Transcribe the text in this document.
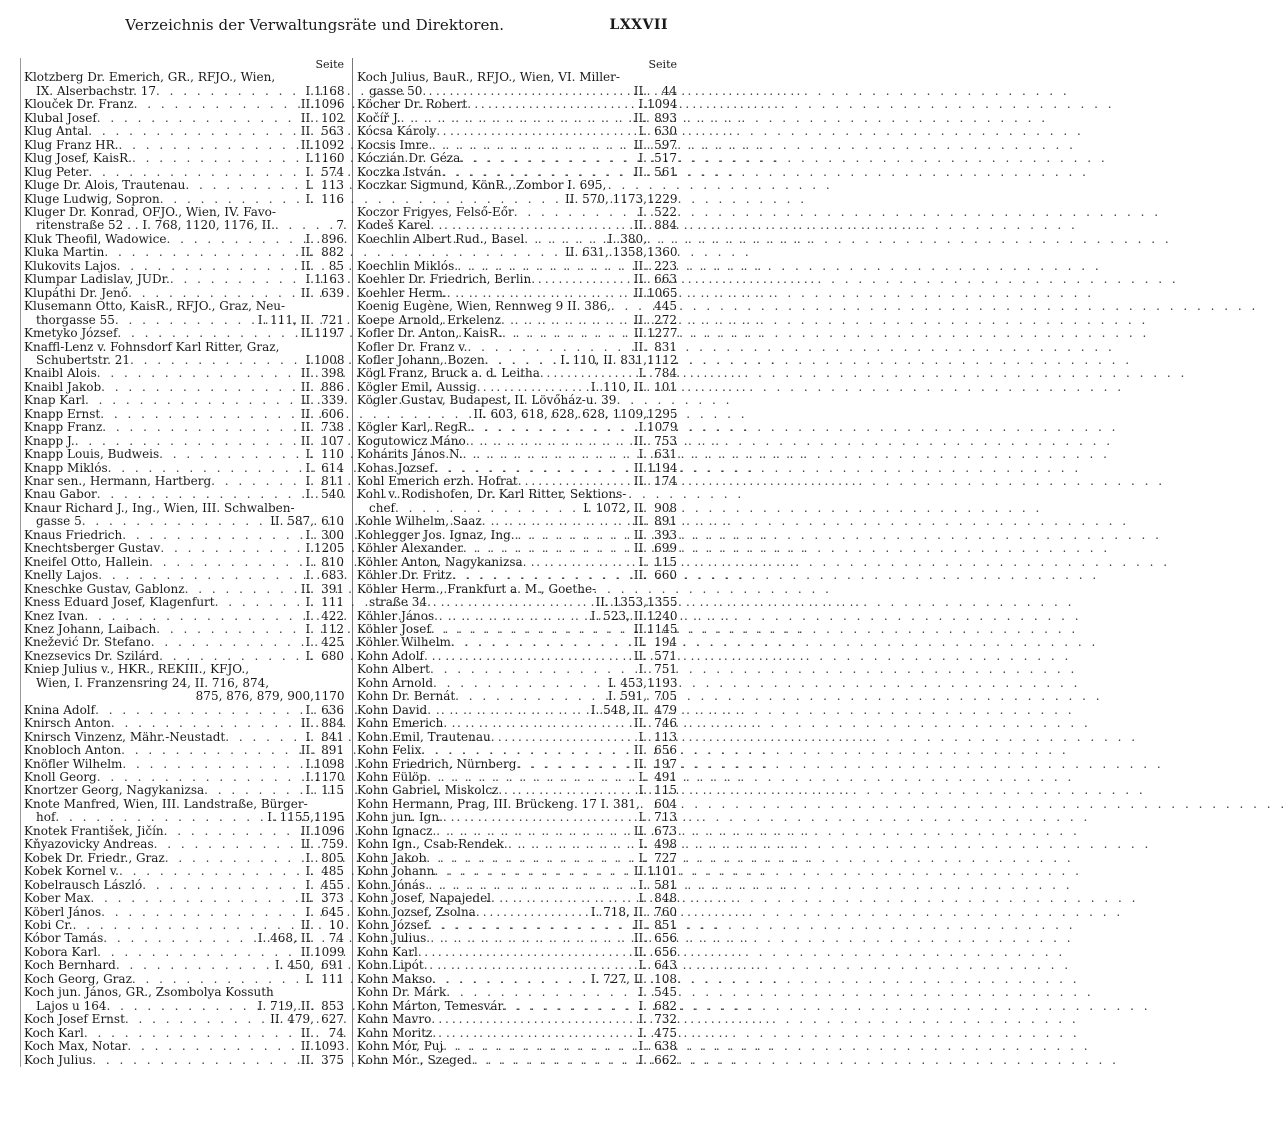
Verzeichnis der Verwaltungsräte und Direktoren.	LXXVII
Seite
Klotzberg Dr. Emerich, GR., RFJO., Wien,
IX. Alserbachstr. 17 . . .	I. 1168
Klouček Dr. Franz . . .	II. 1096
Klubal Josef . . .	II. 102
Klug Antal . . .	II. 563
Klug Franz HR. . . .	II. 1092
Klug Josef, KaisR. . . .	I. 1160
Klug Peter . . .	I. 574
Kluge Dr. Alois, Trautenau . . .	I. 113
Kluge Ludwig, Sopron . . .	I. 116
Kluger Dr. Konrad, OFJO., Wien, IV. Favo-
ritenstraße 52 . . I. 768, 1120, 1176, II. . . .	7
Kluk Theofil, Wadowice . . .	I. 896
Kluka Martin . . .	II. 882
Klukovits Lajos . . .	II.	85
Klumpar Ladislav, JUDr. . . .	I. 1163
Klupáthi Dr. Jenő . . .	II. 639
Klusemann Otto, KaisR., RFJO., Graz, Neu-
thorgasse 55 . . .	I. 111, II. 721
Kmetyko József . . .	II. 1197
Knaffl-Lenz v. Fohnsdorf Karl Ritter, Graz,
Schubertstr. 21 . . .	I. 1008
Knaibl Alois . . .	II. 398
Knaibl Jakob . . .	II. 886
Knap Karl . . .	II. 339
Knapp Ernst . . .	II. 606
Knapp Franz . . .	II. 738
Knapp J. . . .	II. 107
Knapp Louis, Budweis . . .	I. 110
Knapp Miklós . . .	I. 614
Knar sen., Hermann, Hartberg . . .	I. 811
Knau Gabor . . .	I. 540
Knaur Richard J., Ing., Wien, III. Schwalben-
gasse 5 . . .	II. 587, 610
Knaus Friedrich . . .	I. 300
Knechtsberger Gustav . . .	I. 1205
Kneifel Otto, Hallein . . .	I. 810
Knelly Lajos . . .	I. 683
Kneschke Gustav, Gablonz . . .	II. 391
Kness Eduard Josef, Klagenfurt . . .	I. 111
Knez Ivan . . .	I. 422
Knez Johann, Laibach . . .	I. 112
Knežević Dr. Stefano . . .	I. 425
Knezsevics Dr. Szilárd . . .	I. 680
Kniep Julius v., HKR., REKIII., KFJO.,
Wien, I. Franzensring 24, II. 716, 874,
875, 876, 879, 900, 1170
Knina Adolf . . .	I. 636
Knirsch Anton . . .	II. 884
Knirsch Vinzenz, Mähr.-Neustadt . . .	I. 841
Knobloch Anton . . .	II. 891
Knöfler Wilhelm . . .	I. 1098
Knoll Georg . . .	I. 1170
Knortzer Georg, Nagykanizsa . . .	I. 115
Knote Manfred, Wien, III. Landstraße, Bürger-
hof . . .	I. 1155, 1195
Knotek František, Jičín . . .	II. 1096
Kňyazovicky Andreas . . .	II. 759
Kobek Dr. Friedr., Graz . . .	I. 805
Kobek Kornel v. . . .	I. 485
Kobelrausch László . . .	I. 455
Kober Max . . .	II. 373
Köberl János . . .	I. 645
Kobi Cr. . . .	II.	10
Kóbor Tamás . . .	I. 468, II.	74
Kobora Karl . . .	II. 1099
Koch Bernhard . . .	I. 450, 691
Koch Georg, Graz . . .	I. 111
Koch jun. János, GR., Zsombolya Kossuth
Lajos u 164 . . .	I. 719, II. 853
Koch Josef Ernst . . .	II. 479, 627
Koch Karl . . .	II.	74
Koch Max, Notar . . .	II. 1093
Koch Julius . . .	II. 375
Seite
Koch Julius, BauR., RFJO., Wien, VI. Miller-
gasse 50 . . .	II.	44
Köcher Dr. Robert . . .	I. 1094
Kočíř J. . . .	II. 893
Kócsa Károly . . .	I. 630
Kocsis Imre . . .	II. 597
Kóczián Dr. Géza . . .	I. 517
Koczka István . . .	II. 561
Koczkar Sigmund, KönR., Zombor I. 695,
II. 570, 1173, 1229
Koczor Frigyes, Felső-Eőr . . .	I. 522
Kodeš Karel . . .	II. 884
Koechlin Albert Rud., Basel . . .	I. 380,
II. 631, 1358, 1360
Koechlin Miklós . . .	II. 223
Koehler Dr. Friedrich, Berlin . . .	II. 663
Koehler Herm. . . .	II. 1065
Koenig Eugène, Wien, Rennweg 9 II. 386, . . .	445
Koepe Arnold, Erkelenz . . .	II. 272
Kofler Dr. Anton, KaisR. . . .	II. 1277
Kofler Dr. Franz v. . . .	II. 831
Kofler Johann, Bozen . . .	I. 110, II. 831, 1112
Kögl Franz, Bruck a. d. Leitha . . .	I. 784
Kögler Emil, Aussig . . .	I. 110, II. 101
Kögler Gustav, Budapest, II. Lövőház-u. 39
II. 603, 618, 628, 628, 1109, 1295
Kögler Karl, RegR. . . .	I. 1079
Kogutowicz Máno . . .	II. 753
Kohárits János N. . . .	I. 631
Kohas Jozsef . . .	II. 1194
Kohl Emerich erzh. Hofrat . . .	II. 174
Kohl v. Rodishofen, Dr. Karl Ritter, Sektions-
chef . . .	I. 1072, II. 908
Kohle Wilhelm, Saaz . . .	II. 891
Kohlegger Jos. Ignaz, Ing. . . .	II. 393
Köhler Alexander . . .	II. 699
Köhler Anton, Nagykanizsa . . .	I. 115
Köhler Dr. Fritz . . .	II. 660
Köhler Herm., Frankfurt a. M., Goethe-
straße 34 . . .	II. 1353, 1355
Köhler János . . .	I. 523, II. 1240
Köhler Josef . . .	II. 1145
Köhler Wilhelm . . .	II. 194
Kohn Adolf . . .	II. 571
Kohn Albert . . .	I. 751
Kohn Arnold . . .	I. 453, 1193
Kohn Dr. Bernát . . .	I. 591, 705
Kohn David . . .	I. 548, II. 479
Kohn Emerich . . .	II. 746
Kohn Emil, Trautenau . . .	I. 113
Kohn Felix . . .	II. 656
Kohn Friedrich, Nürnberg . . .	II. 197
Kohn Fülöp . . .	I. 491
Kohn Gabriel, Miskolcz . . .	I. 115
Kohn Hermann, Prag, III. Brückeng. 17 I. 381, . . .	604
Kohn jun. Ign. . . .	I. 713
Kohn Ignacz . . .	II. 673
Kohn Ign., Csab-Rendek . . .	I. 498
Kohn Jakob . . .	I. 727
Kohn Johann . . .	II. 1101
Kohn Jónás . . .	I. 581
Kohn Josef, Napajedel . . .	I. 848
Kohn Jozsef, Zsolna . . .	I. 718, II. 760
Kohn József . . .	II. 851
Kohn Julius . . .	II. 656
Kohn Karl . . .	II. 656
Kohn Lipót . . .	I. 643
Kohn Makso . . .	I. 727, II. 108
Kohn Dr. Márk . . .	I. 545
Kohn Márton, Temesvár . . .	I. 682
Kohn Mavro . . .	I. 732
Kohn Moritz . . .	I. 475
Kohn Mór, Puj . . .	I. 638
Kohn Mór., Szeged . . .	I. 662
